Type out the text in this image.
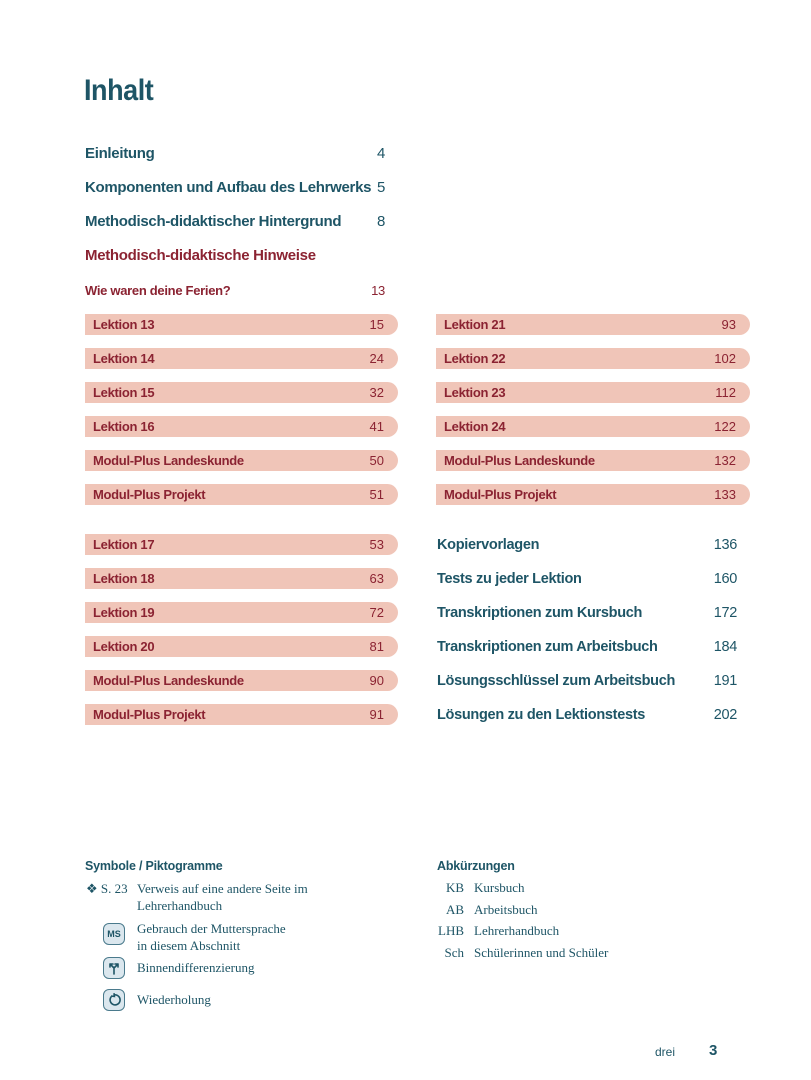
Inhalt
Einleitung	4
Komponenten und Aufbau des Lehrwerks 5
Methodisch-didaktischer Hintergrund 8
Methodisch-didaktische Hinweise
Wie waren deine Ferien?	13
Lektion 13	15
Lektion 14	24
Lektion 15	32
Lektion 16	41
Modul-Plus Landeskunde	50
Modul-Plus Projekt	51
Lektion 17	53
Lektion 18	63
Lektion 19	72
Lektion 20	81
Modul-Plus Landeskunde	90
Modul-Plus Projekt	91
Lektion 21	93
Lektion 22	102
Lektion 23	112
Lektion 24	122
Modul-Plus Landeskunde	132
Modul-Plus Projekt	133
Kopiervorlagen	136
Tests zu jeder Lektion	160
Transkriptionen zum Kursbuch	172
Transkriptionen zum Arbeitsbuch	184
Lösungsschlüssel zum Arbeitsbuch	191
Lösungen zu den Lektionstests	202
Symbole / Piktogramme
❖ S. 23 Verweis auf eine andere Seite im
Lehrerhandbuch
MS Gebrauch der Muttersprache
in diesem Abschnitt
Binnendifferenzierung
Wiederholung
Abkürzungen
KB Kursbuch
AB Arbeitsbuch
LHB Lehrerhandbuch
Sch Schülerinnen und Schüler
drei 3
